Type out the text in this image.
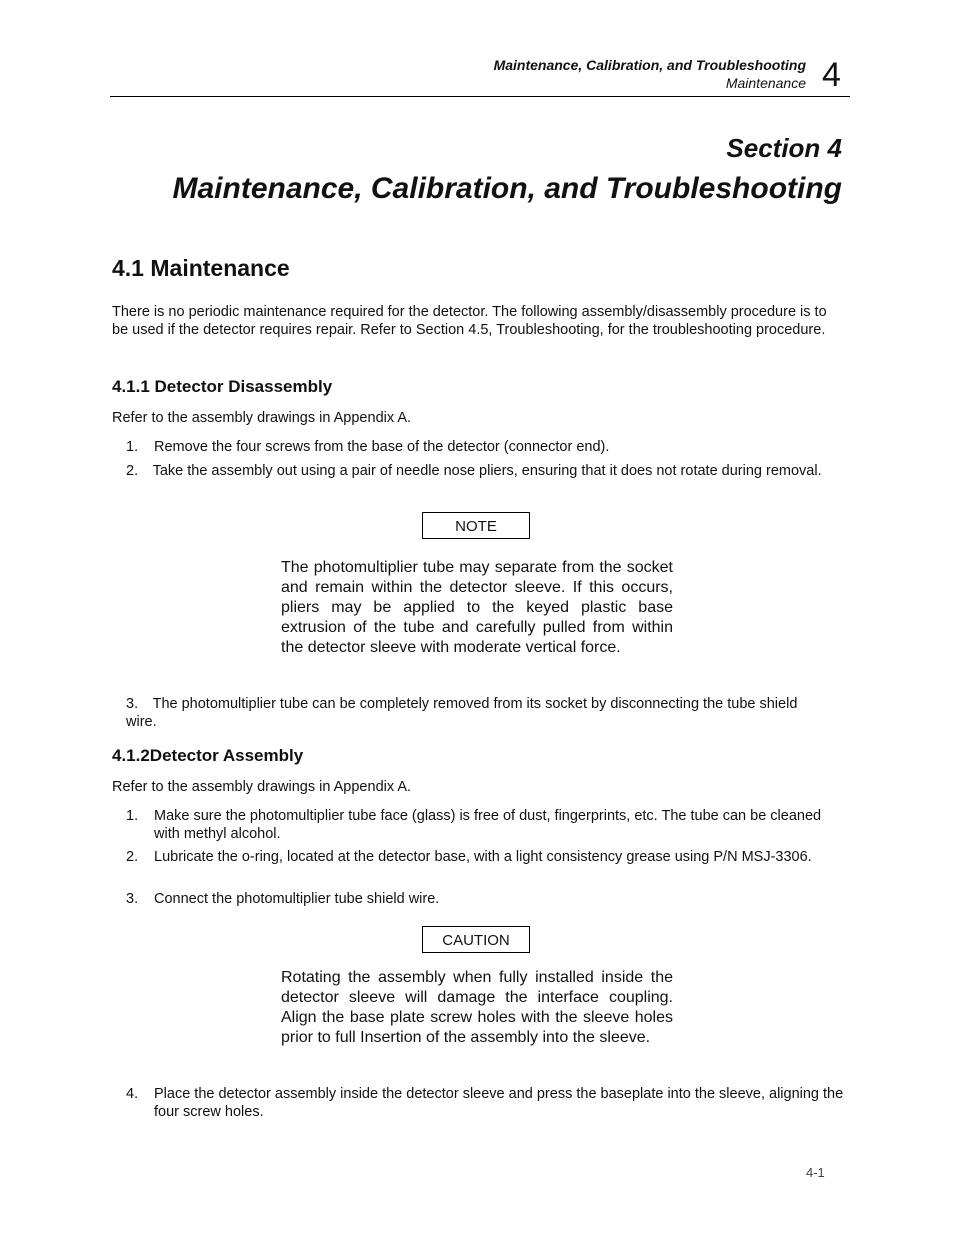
Maintenance, Calibration, and Troubleshooting
Maintenance 4
Section 4
Maintenance, Calibration, and Troubleshooting
4.1 Maintenance
There is no periodic maintenance required for the detector. The following assembly/disassembly procedure is to be used if the detector requires repair. Refer to Section 4.5, Troubleshooting, for the troubleshooting procedure.
4.1.1 Detector Disassembly
Refer to the assembly drawings in Appendix A.
1. Remove the four screws from the base of the detector (connector end).
2. Take the assembly out using a pair of needle nose pliers, ensuring that it does not rotate during removal.
NOTE
The photomultiplier tube may separate from the socket and remain within the detector sleeve. If this occurs, pliers may be applied to the keyed plastic base extrusion of the tube and carefully pulled from within the detector sleeve with moderate vertical force.
3. The photomultiplier tube can be completely removed from its socket by disconnecting the tube shield wire.
4.1.2Detector Assembly
Refer to the assembly drawings in Appendix A.
1. Make sure the photomultiplier tube face (glass) is free of dust, fingerprints, etc. The tube can be cleaned with methyl alcohol.
2. Lubricate the o-ring, located at the detector base, with a light consistency grease using P/N MSJ-3306.
3. Connect the photomultiplier tube shield wire.
CAUTION
Rotating the assembly when fully installed inside the detector sleeve will damage the interface coupling. Align the base plate screw holes with the sleeve holes prior to full Insertion of the assembly into the sleeve.
4. Place the detector assembly inside the detector sleeve and press the baseplate into the sleeve, aligning the four screw holes.
4-1
